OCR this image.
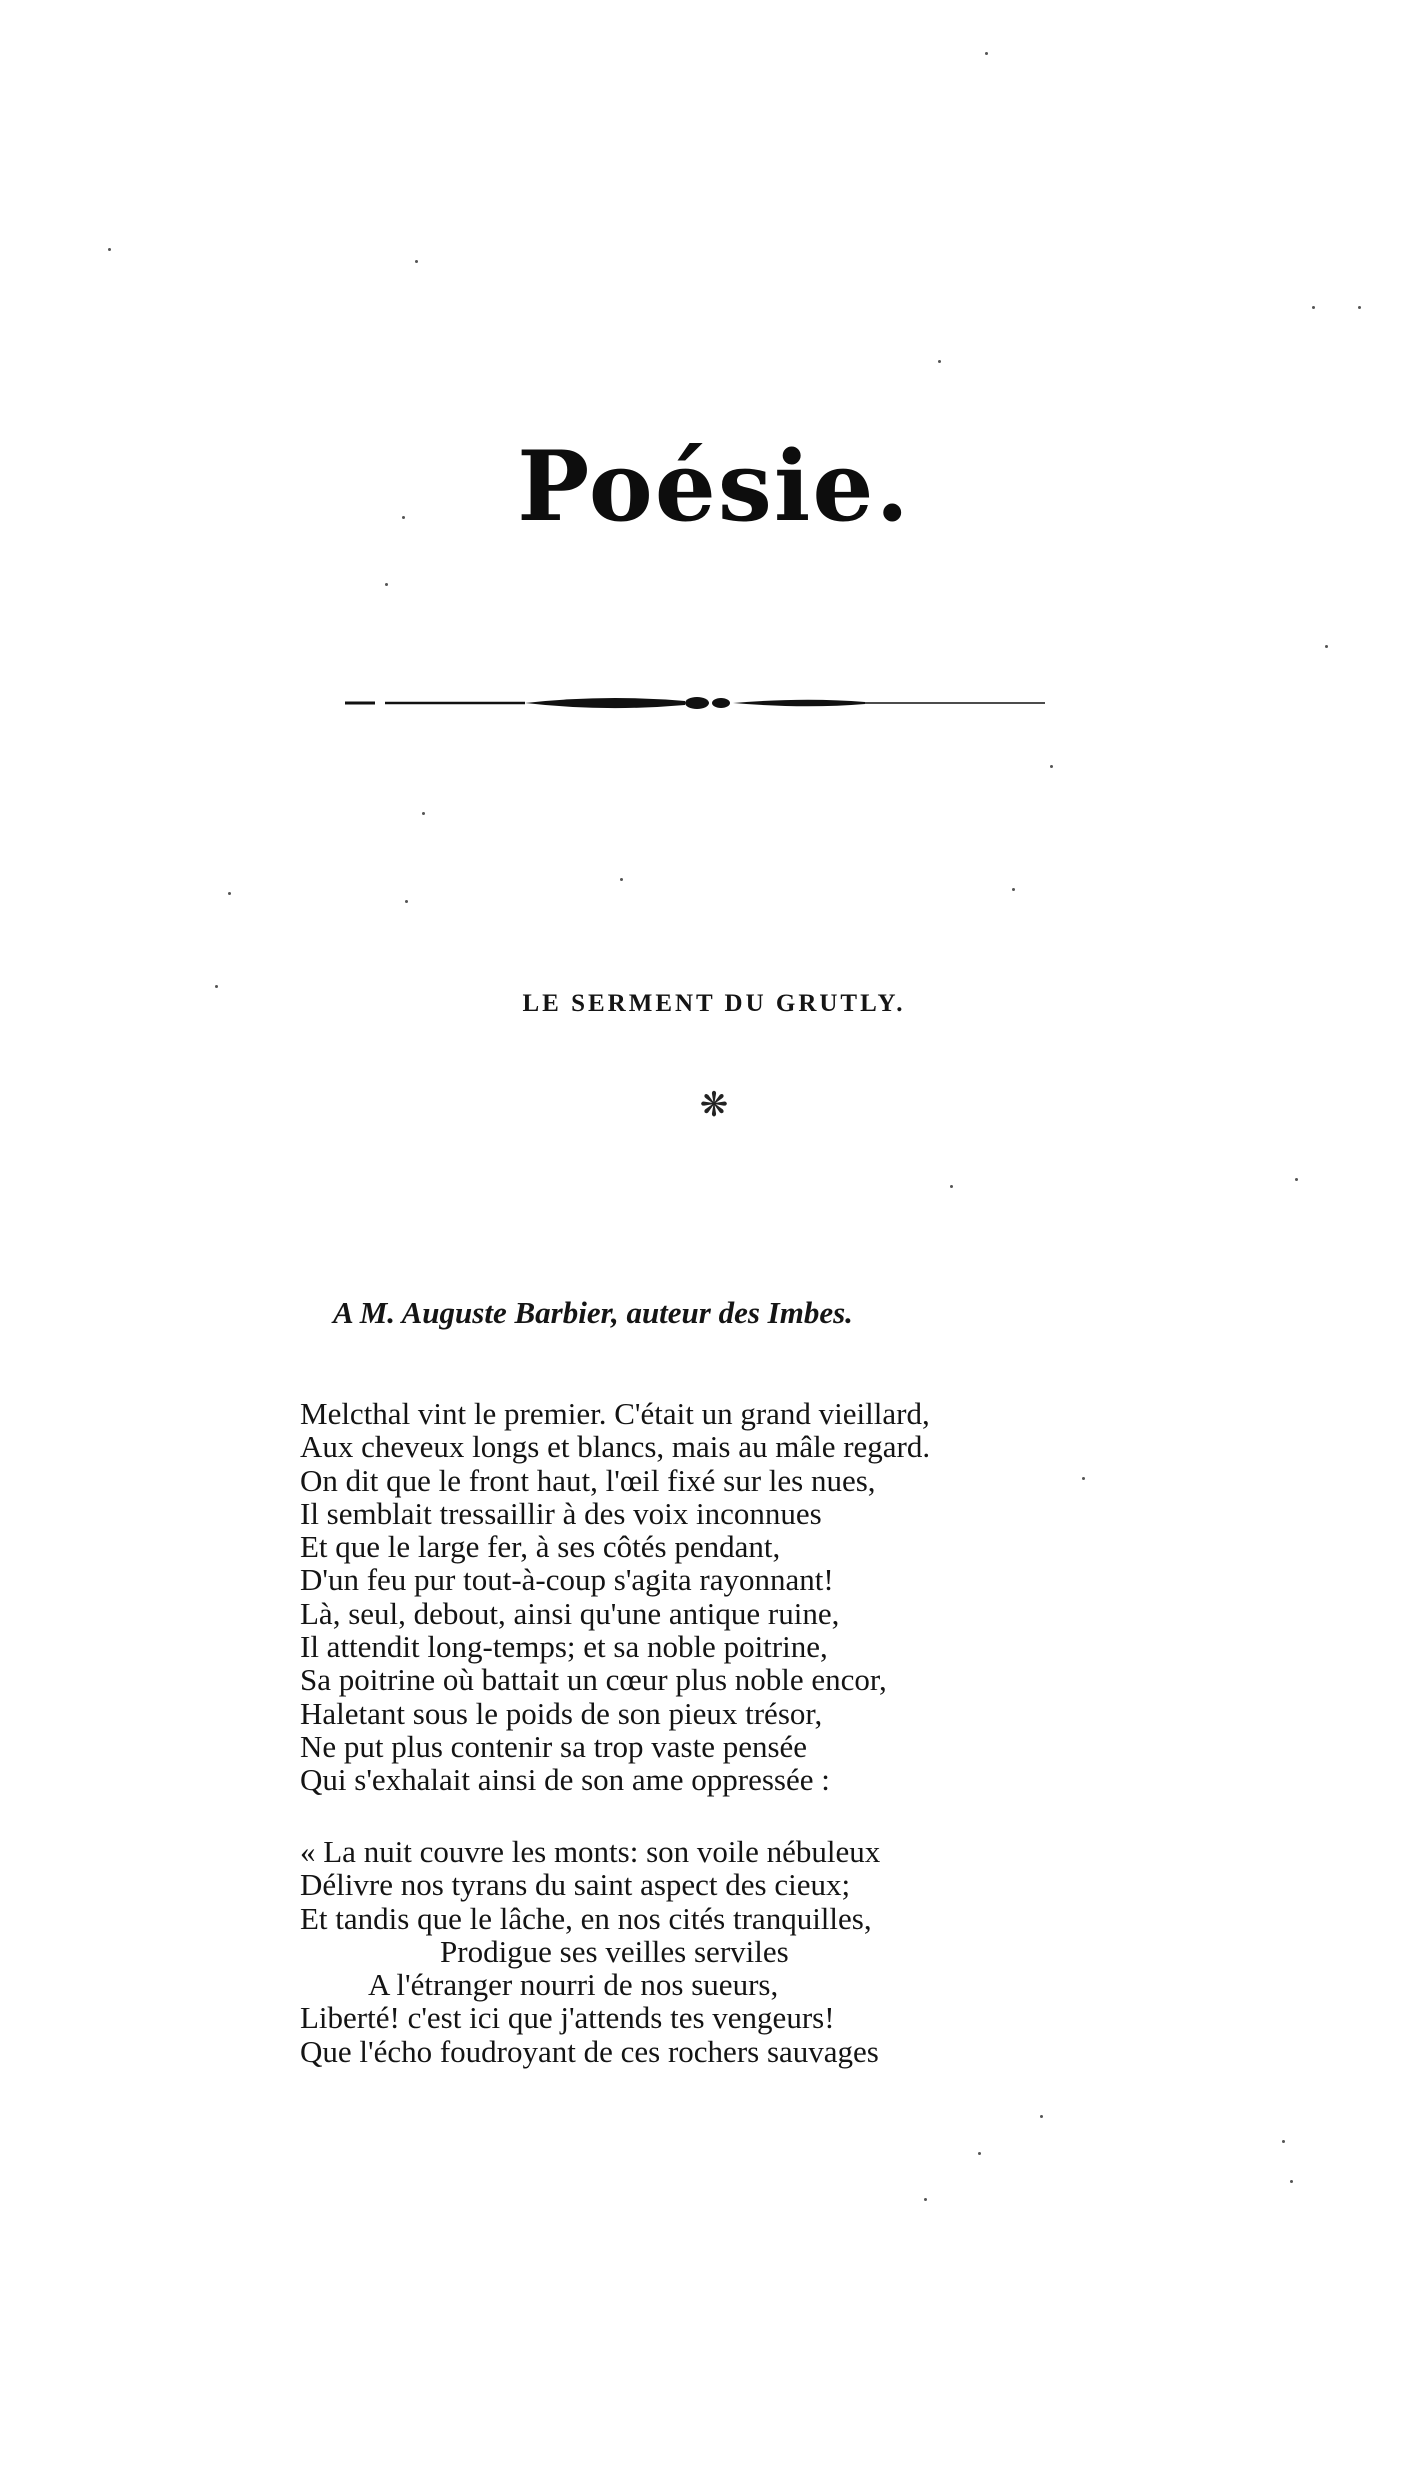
Poésie.
LE SERMENT DU GRUTLY.
❋
A M. Auguste Barbier, auteur des Imbes.
Melcthal vint le premier. C'était un grand vieillard,
Aux cheveux longs et blancs, mais au mâle regard.
On dit que le front haut, l'œil fixé sur les nues,
Il semblait tressaillir à des voix inconnues
Et que le large fer, à ses côtés pendant,
D'un feu pur tout-à-coup s'agita rayonnant!
Là, seul, debout, ainsi qu'une antique ruine,
Il attendit long-temps; et sa noble poitrine,
Sa poitrine où battait un cœur plus noble encor,
Haletant sous le poids de son pieux trésor,
Ne put plus contenir sa trop vaste pensée
Qui s'exhalait ainsi de son ame oppressée :
« La nuit couvre les monts: son voile nébuleux
Délivre nos tyrans du saint aspect des cieux;
Et tandis que le lâche, en nos cités tranquilles,
Prodigue ses veilles serviles
A l'étranger nourri de nos sueurs,
Liberté! c'est ici que j'attends tes vengeurs!
Que l'écho foudroyant de ces rochers sauvages
